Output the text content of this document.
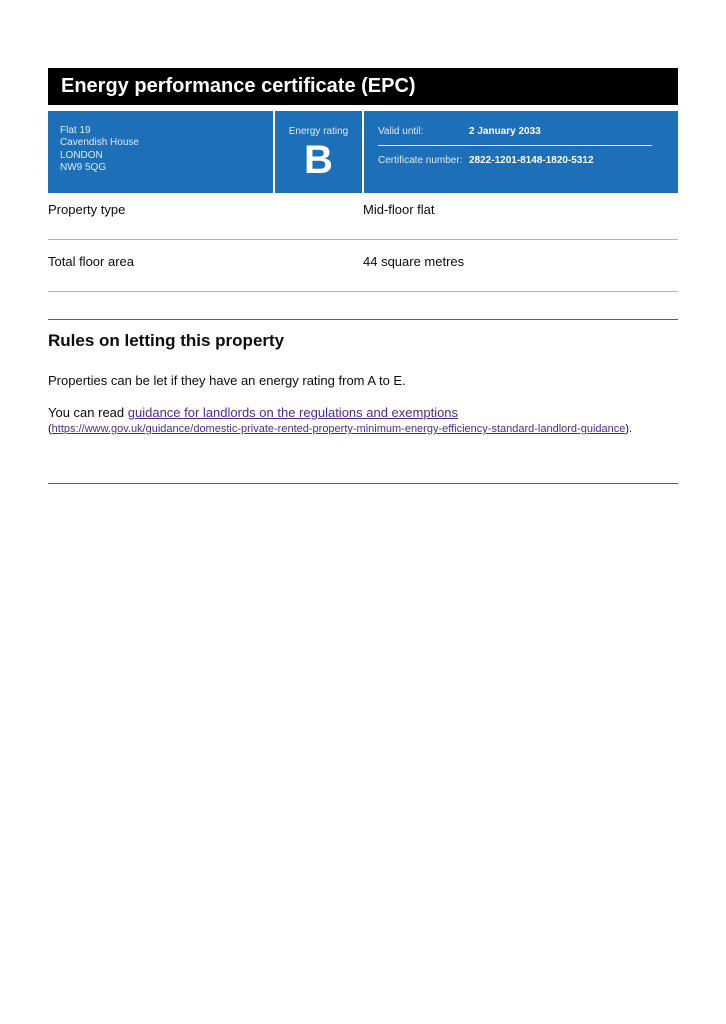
Energy performance certificate (EPC)
Flat 19
Cavendish House
LONDON
NW9 5QG
Energy rating
B
Valid until:	2 January 2033
Certificate number: 2822-1201-8148-1820-5312
Property type	Mid-floor flat
Total floor area	44 square metres
Rules on letting this property
Properties can be let if they have an energy rating from A to E.
You can read guidance for landlords on the regulations and exemptions
(https://www.gov.uk/guidance/domestic-private-rented-property-minimum-energy-efficiency-standard-landlord-guidance).
